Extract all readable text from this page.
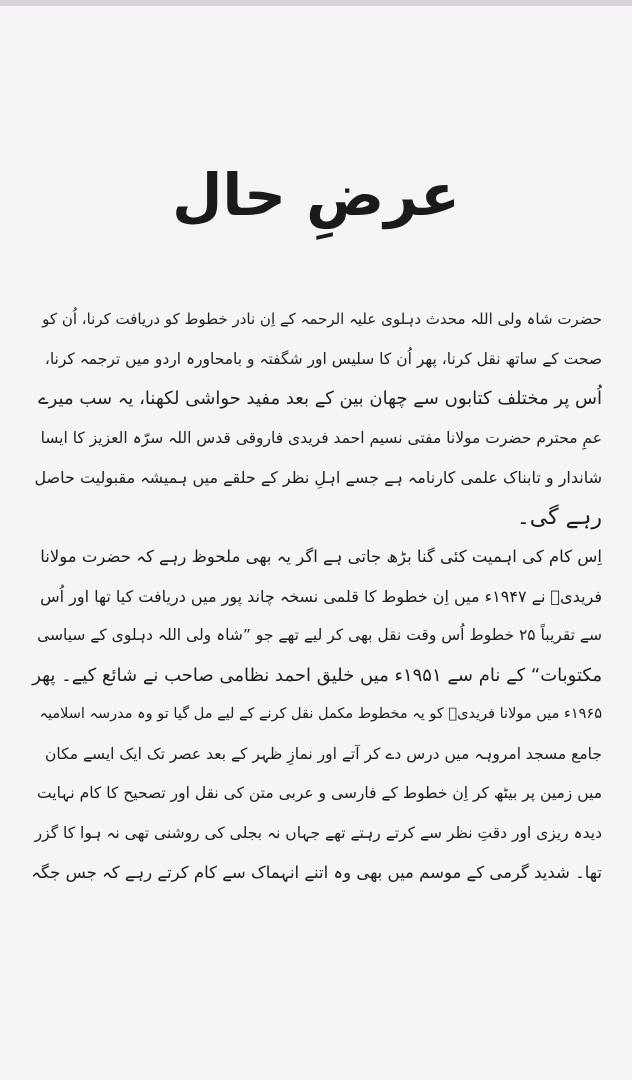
عرضِ حال
حضرت شاہ ولی اللہ محدث دہلوی علیہ الرحمہ کے اِن نادر خطوط کو دریافت کرنا، اُن کو
صحت کے ساتھ نقل کرنا، پھر اُن کا سلیس اور شگفتہ و بامحاورہ اردو میں ترجمہ کرنا،
اُس پر مختلف کتابوں سے چھان بین کے بعد مفید حواشی لکھنا، یہ سب میرے
عمِ محترم حضرت مولانا مفتی نسیم احمد فریدی فاروقی قدس اللہ سرّہ العزیز کا ایسا
شاندار و تابناک علمی کارنامہ ہے جسے اہلِ نظر کے حلقے میں ہمیشہ مقبولیت حاصل
رہے گی۔
اِس کام کی اہمیت کئی گنا بڑھ جاتی ہے اگر یہ بھی ملحوظ رہے کہ حضرت مولانا
فریدیؒ نے ۱۹۴۷ء میں اِن خطوط کا قلمی نسخہ چاند پور میں دریافت کیا تھا اور اُس
سے تقریباً ۲۵ خطوط اُس وقت نقل بھی کر لیے تھے جو ”شاہ ولی اللہ دہلوی کے سیاسی
مکتوبات“ کے نام سے ۱۹۵۱ء میں خلیق احمد نظامی صاحب نے شائع کیے۔ پھر
۱۹۶۵ء میں مولانا فریدیؒ کو یہ مخطوط مکمل نقل کرنے کے لیے مل گیا تو وہ مدرسہ اسلامیہ
جامع مسجد امروہہ میں درس دے کر آتے اور نمازِ ظہر کے بعد عصر تک ایک ایسے مکان
میں زمین پر بیٹھ کر اِن خطوط کے فارسی و عربی متن کی نقل اور تصحیح کا کام نہایت
دیدہ ریزی اور دقتِ نظر سے کرتے رہتے تھے جہاں نہ بجلی کی روشنی تھی نہ ہوا کا گزر
تھا۔ شدید گرمی کے موسم میں بھی وہ اتنے انہماک سے کام کرتے رہے کہ جس جگہ
